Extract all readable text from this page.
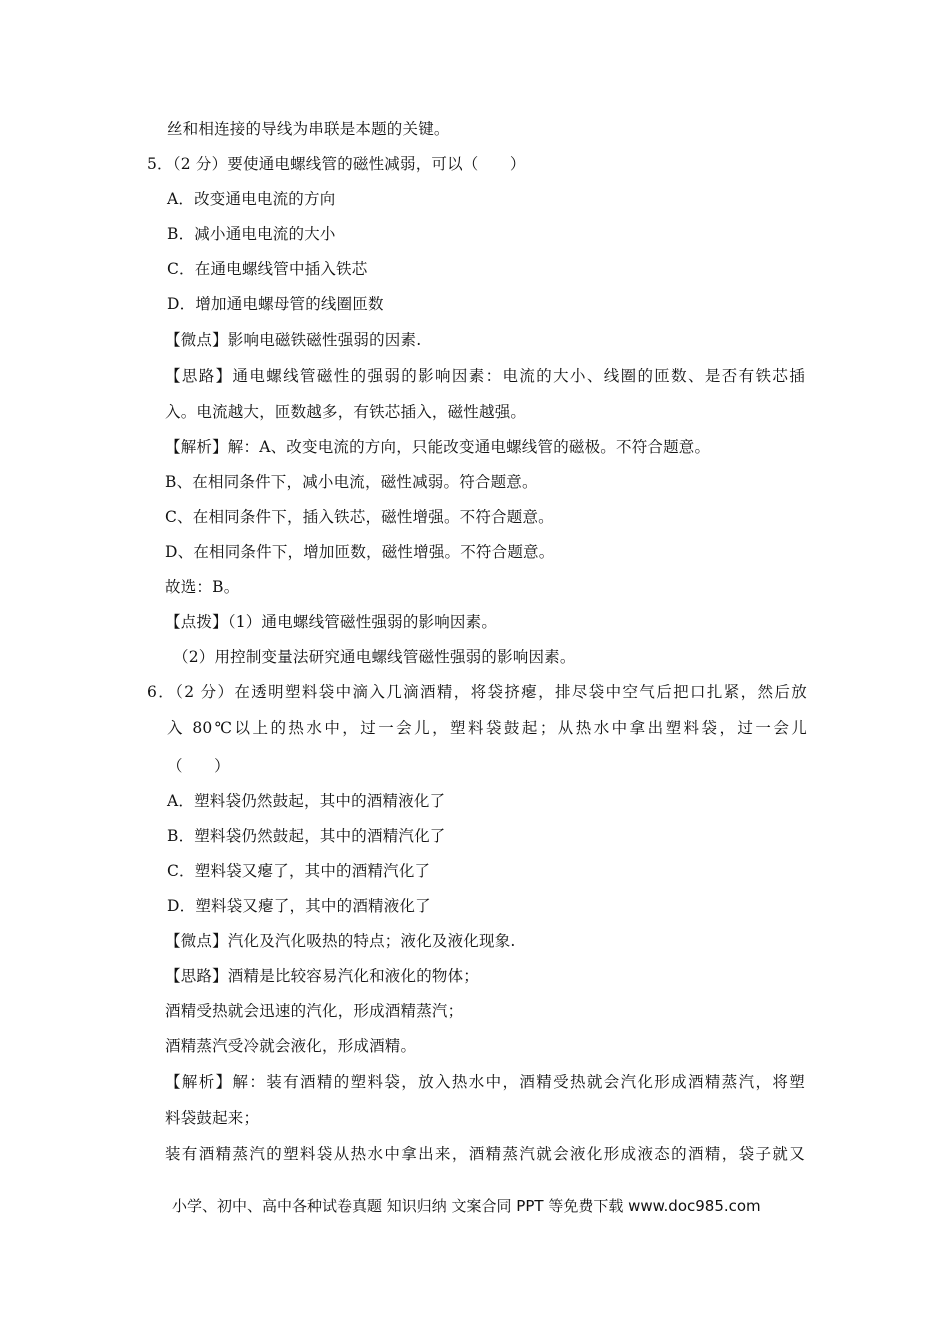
丝和相连接的导线为串联是本题的关键。
5．（2 分）要使通电螺线管的磁性减弱，可以（　　）
A．改变通电电流的方向
B．减小通电电流的大小
C．在通电螺线管中插入铁芯
D．增加通电螺母管的线圈匝数
【微点】影响电磁铁磁性强弱的因素.
【思路】通电螺线管磁性的强弱的影响因素：电流的大小、线圈的匝数、是否有铁芯插
入。电流越大，匝数越多，有铁芯插入，磁性越强。
【解析】解：A、改变电流的方向，只能改变通电螺线管的磁极。不符合题意。
B、在相同条件下，减小电流，磁性减弱。符合题意。
C、在相同条件下，插入铁芯，磁性增强。不符合题意。
D、在相同条件下，增加匝数，磁性增强。不符合题意。
故选：B。
【点拨】（1）通电螺线管磁性强弱的影响因素。
（2）用控制变量法研究通电螺线管磁性强弱的影响因素。
6．（2 分）在透明塑料袋中滴入几滴酒精，将袋挤瘪，排尽袋中空气后把口扎紧，然后放
入 80℃以上的热水中，过一会儿，塑料袋鼓起；从热水中拿出塑料袋，过一会儿
（　　）
A．塑料袋仍然鼓起，其中的酒精液化了
B．塑料袋仍然鼓起，其中的酒精汽化了
C．塑料袋又瘪了，其中的酒精汽化了
D．塑料袋又瘪了，其中的酒精液化了
【微点】汽化及汽化吸热的特点；液化及液化现象.
【思路】酒精是比较容易汽化和液化的物体；
酒精受热就会迅速的汽化，形成酒精蒸汽；
酒精蒸汽受冷就会液化，形成酒精。
【解析】解：装有酒精的塑料袋，放入热水中，酒精受热就会汽化形成酒精蒸汽，将塑
料袋鼓起来；
装有酒精蒸汽的塑料袋从热水中拿出来，酒精蒸汽就会液化形成液态的酒精，袋子就又
小学、初中、高中各种试卷真题 知识归纳 文案合同 PPT 等免费下载 www.doc985.com
